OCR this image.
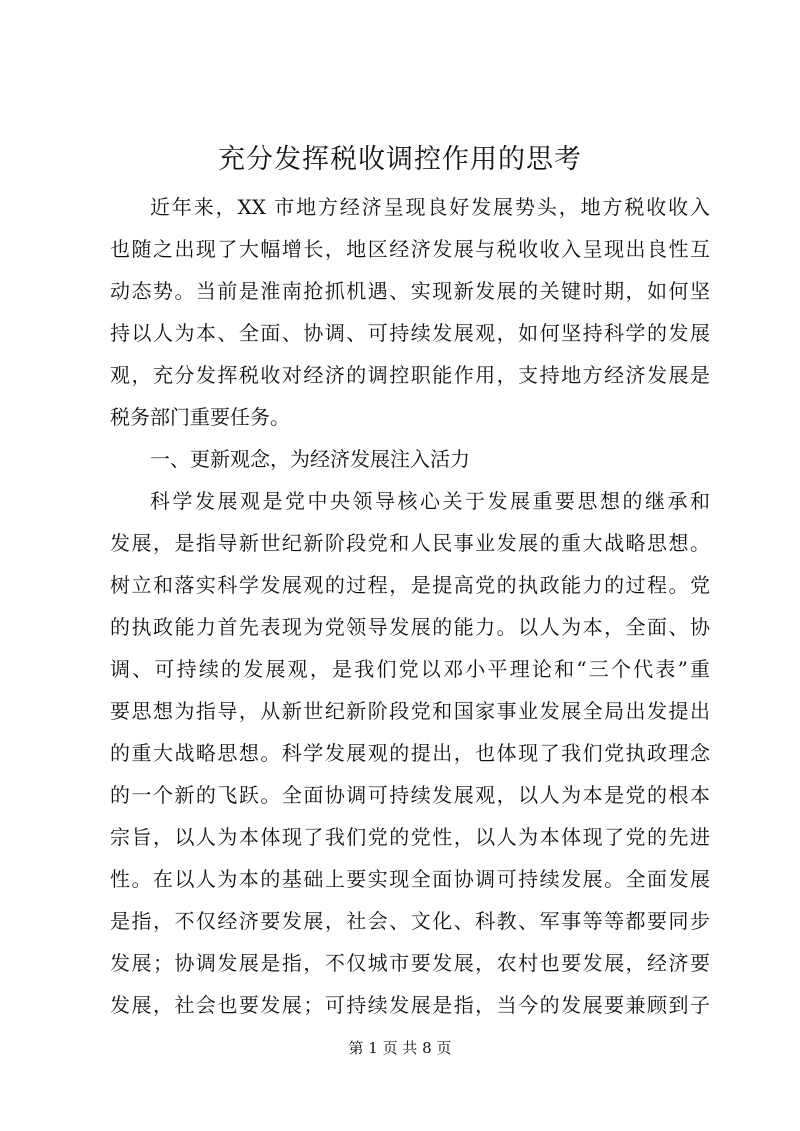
充分发挥税收调控作用的思考

近年来，XX 市地方经济呈现良好发展势头，地方税收收入

也随之出现了大幅增长，地区经济发展与税收收入呈现出良性互

动态势。当前是淮南抢抓机遇、实现新发展的关键时期，如何坚

持以人为本、全面、协调、可持续发展观，如何坚持科学的发展

观，充分发挥税收对经济的调控职能作用，支持地方经济发展是

税务部门重要任务。

一、更新观念，为经济发展注入活力

科学发展观是党中央领导核心关于发展重要思想的继承和

发展，是指导新世纪新阶段党和人民事业发展的重大战略思想。

树立和落实科学发展观的过程，是提高党的执政能力的过程。党

的执政能力首先表现为党领导发展的能力。以人为本，全面、协

调、可持续的发展观，是我们党以邓小平理论和“三个代表”重

要思想为指导，从新世纪新阶段党和国家事业发展全局出发提出

的重大战略思想。科学发展观的提出，也体现了我们党执政理念

的一个新的飞跃。全面协调可持续发展观，以人为本是党的根本

宗旨，以人为本体现了我们党的党性，以人为本体现了党的先进

性。在以人为本的基础上要实现全面协调可持续发展。全面发展

是指，不仅经济要发展，社会、文化、科教、军事等等都要同步

发展；协调发展是指，不仅城市要发展，农村也要发展，经济要

发展，社会也要发展；可持续发展是指，当今的发展要兼顾到子

第 1 页 共 8 页
